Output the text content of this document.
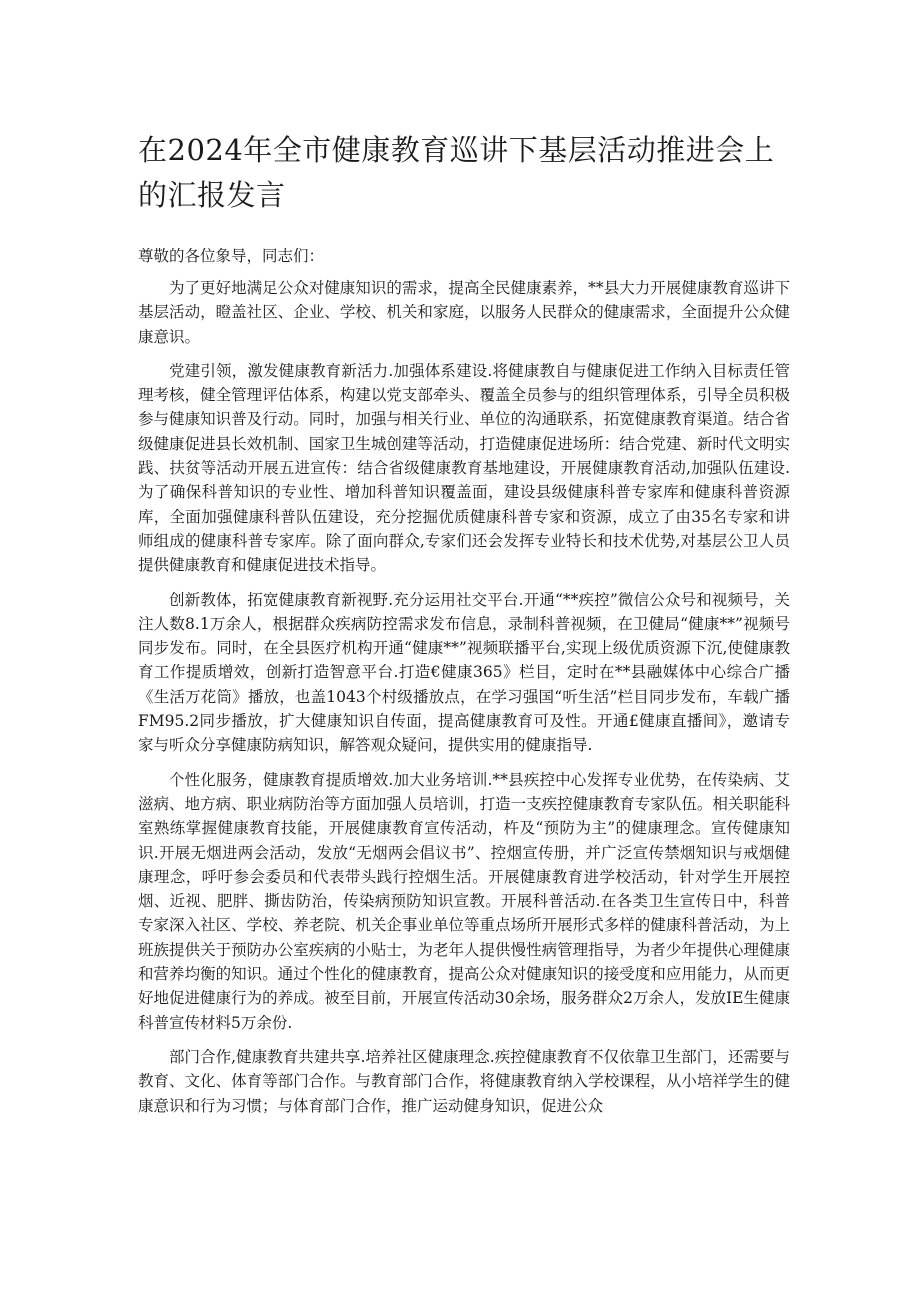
在2024年全市健康教育巡讲下基层活动推进会上的汇报发言

尊敬的各位象导，同志们：

为了更好地满足公众对健康知识的需求，提高全民健康素养，**县大力开展健康教育巡讲下基层活动，瞪盖社区、企业、学校、机关和家庭，以服务人民群众的健康需求，全面提升公众健康意识。

党建引领，激发健康教育新活力.加强体系建设.将健康教自与健康促进工作纳入目标责任管理考核，健全管理评估体系，构建以党支部牵头、覆盖全员参与的组织管理体系，引导全员积极参与健康知识普及行动。同时，加强与相关行业、单位的沟通联系，拓宽健康教育渠道。结合省级健康促进县长效机制、国家卫生城创建等活动，打造健康促进场所：结合党建、新时代文明实践、扶贫等活动开展五进宣传：结合省级健康教育基地建设，开展健康教育活动,加强队伍建设.为了确保科普知识的专业性、增加科普知识覆盖面，建设县级健康科普专家库和健康科普资源库，全面加强健康科普队伍建设，充分挖掘优质健康科普专家和资源，成立了由35名专家和讲师组成的健康科普专家库。除了面向群众,专家们还会发挥专业特长和技术优势,对基层公卫人员提供健康教育和健康促进技术指导。

创新教体，拓宽健康教育新视野.充分运用社交平台.开通“**疾控”微信公众号和视频号，关注人数8.1万余人，根据群众疾病防控需求发布信息，录制科普视频，在卫健局“健康**”视频号同步发布。同时，在全县医疗机构开通“健康**”视频联播平台,实现上级优质资源下沉,使健康教育工作提质增效，创新打造智意平台.打造€健康365》栏目，定时在**县融媒体中心综合广播《生活万花筒》播放，也盖1043个村级播放点，在学习强国“听生活”栏目同步发布，车载广播FM95.2同步播放，扩大健康知识自传面，提高健康教育可及性。开通£健康直播间》，邀请专家与听众分享健康防病知识，解答观众疑问，提供实用的健康指导.

个性化服务，健康教育提质增效.加大业务培训.**县疾控中心发挥专业优势，在传染病、艾滋病、地方病、职业病防治等方面加强人员培训，打造一支疾控健康教育专家队伍。相关职能科室熟练掌握健康教育技能，开展健康教育宣传活动，杵及“预防为主”的健康理念。宣传健康知识.开展无烟进两会活动，发放“无烟两会倡议书”、控烟宣传册，并广泛宣传禁烟知识与戒烟健康理念，呼吁参会委员和代表带头践行控烟生活。开展健康教育进学校活动，针对学生开展控烟、近视、肥胖、撕齿防治，传染病预防知识宣教。开展科普活动.在各类卫生宣传日中，科普专家深入社区、学校、养老院、机关企事业单位等重点场所开展形式多样的健康科普活动，为上班族提供关于预防办公室疾病的小贴士，为老年人提供慢性病管理指导，为者少年提供心理健康和营养均衡的知识。通过个性化的健康教育，提高公众对健康知识的接受度和应用能力，从而更好地促进健康行为的养成。被至目前，开展宣传活动30余场，服务群众2万余人，发放IE生健康科普宣传材料5万余份.

部门合作,健康教育共建共享.培养社区健康理念.疾控健康教育不仅依靠卫生部门，还需要与教育、文化、体育等部门合作。与教育部门合作，将健康教育纳入学校课程，从小培祥学生的健康意识和行为习惯；与体育部门合作，推广运动健身知识，促进公众
